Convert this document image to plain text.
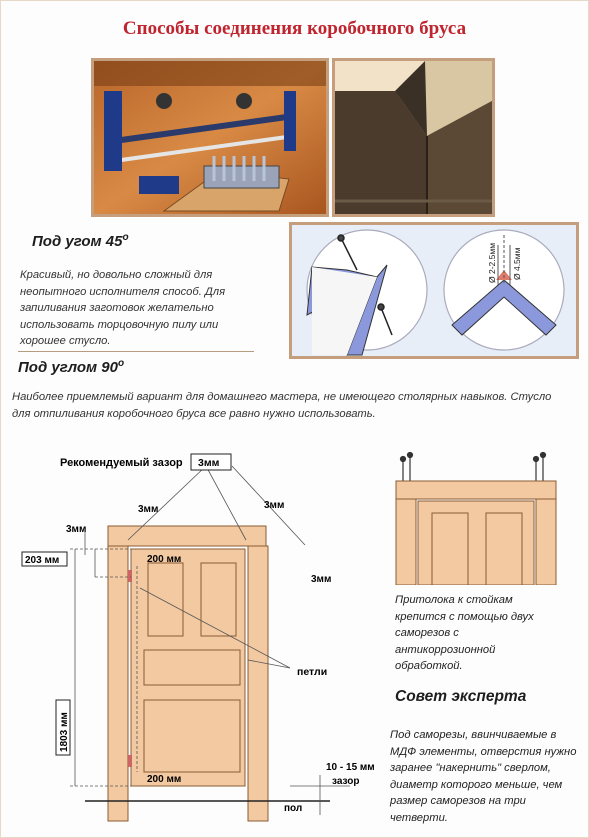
Способы соединения коробочного бруса
Под угом $45^о$
Красивый, но довольно сложный для неопытного исполнителя способ. Для запиливания заготовок желательно использовать торцовочную пилу или хорошее стусло.
Ø 2-2.5мм Ø 4.5мм
Под углом $90^о$
Наиболее приемлемый вариант для домашнего мастера, не имеющего столярных навыков. Стусло для отпиливания коробочного бруса все равно нужно использовать.
Рекомендуемый зазор 3мм
3мм	3мм
3мм
3мм
203 мм
1803 мм
200 мм
200 мм
петли
10 - 15 мм
зазор
пол
Притолока к стойкам крепится с помощью двух саморезов с антикоррозионной обработкой.
Совет эксперта
Под саморезы, ввинчиваемые в МДФ элементы, отверстия нужно заранее "накернить" сверлом, диаметр которого меньше, чем размер саморезов на три четверти.
